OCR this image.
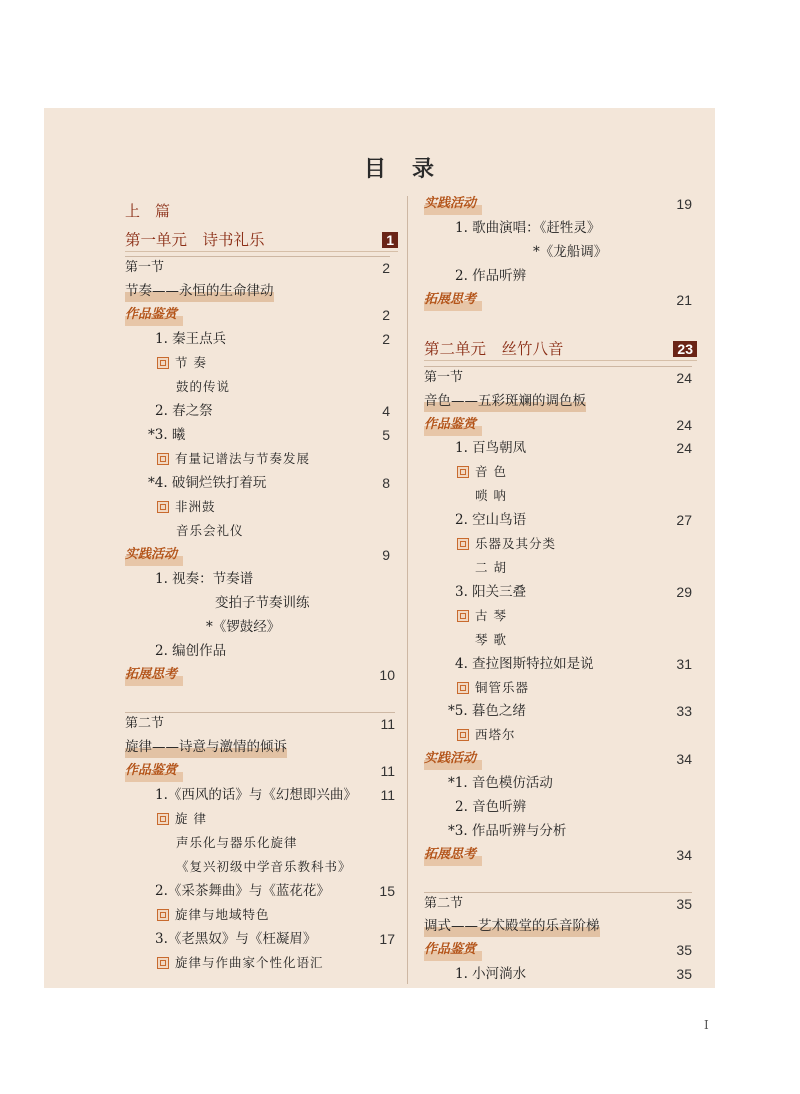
目　录
上　篇
第一单元　诗书礼乐	1
第一节	2
节奏——永恒的生命律动
作品鉴赏	2
1. 秦王点兵	2
节 奏
鼓的传说
2. 春之祭	4
*3. 曦	5
有量记谱法与节奏发展
*4. 破铜烂铁打着玩	8
非洲鼓
音乐会礼仪
实践活动	9
1. 视奏：节奏谱
变拍子节奏训练
*《锣鼓经》
2. 编创作品
拓展思考	10
第二节	11
旋律——诗意与激情的倾诉
作品鉴赏	11
1.《西风的话》与《幻想即兴曲》 11
旋 律
声乐化与器乐化旋律
《复兴初级中学音乐教科书》
2.《采茶舞曲》与《蓝花花》	15
旋律与地域特色
3.《老黑奴》与《枉凝眉》	17
旋律与作曲家个性化语汇
实践活动	19
1. 歌曲演唱：《赶牲灵》
*《龙船调》
2. 作品听辨
拓展思考	21
第二单元　丝竹八音	23
第一节	24
音色——五彩斑斓的调色板
作品鉴赏	24
1. 百鸟朝凤	24
音 色
唢 呐
2. 空山鸟语	27
乐器及其分类
二 胡
3. 阳关三叠	29
古 琴
琴 歌
4. 查拉图斯特拉如是说	31
铜管乐器
*5. 暮色之绪	33
西塔尔
实践活动	34
*1. 音色模仿活动
2. 音色听辨
*3. 作品听辨与分析
拓展思考	34
第二节	35
调式——艺术殿堂的乐音阶梯
作品鉴赏	35
1. 小河淌水	35
I
